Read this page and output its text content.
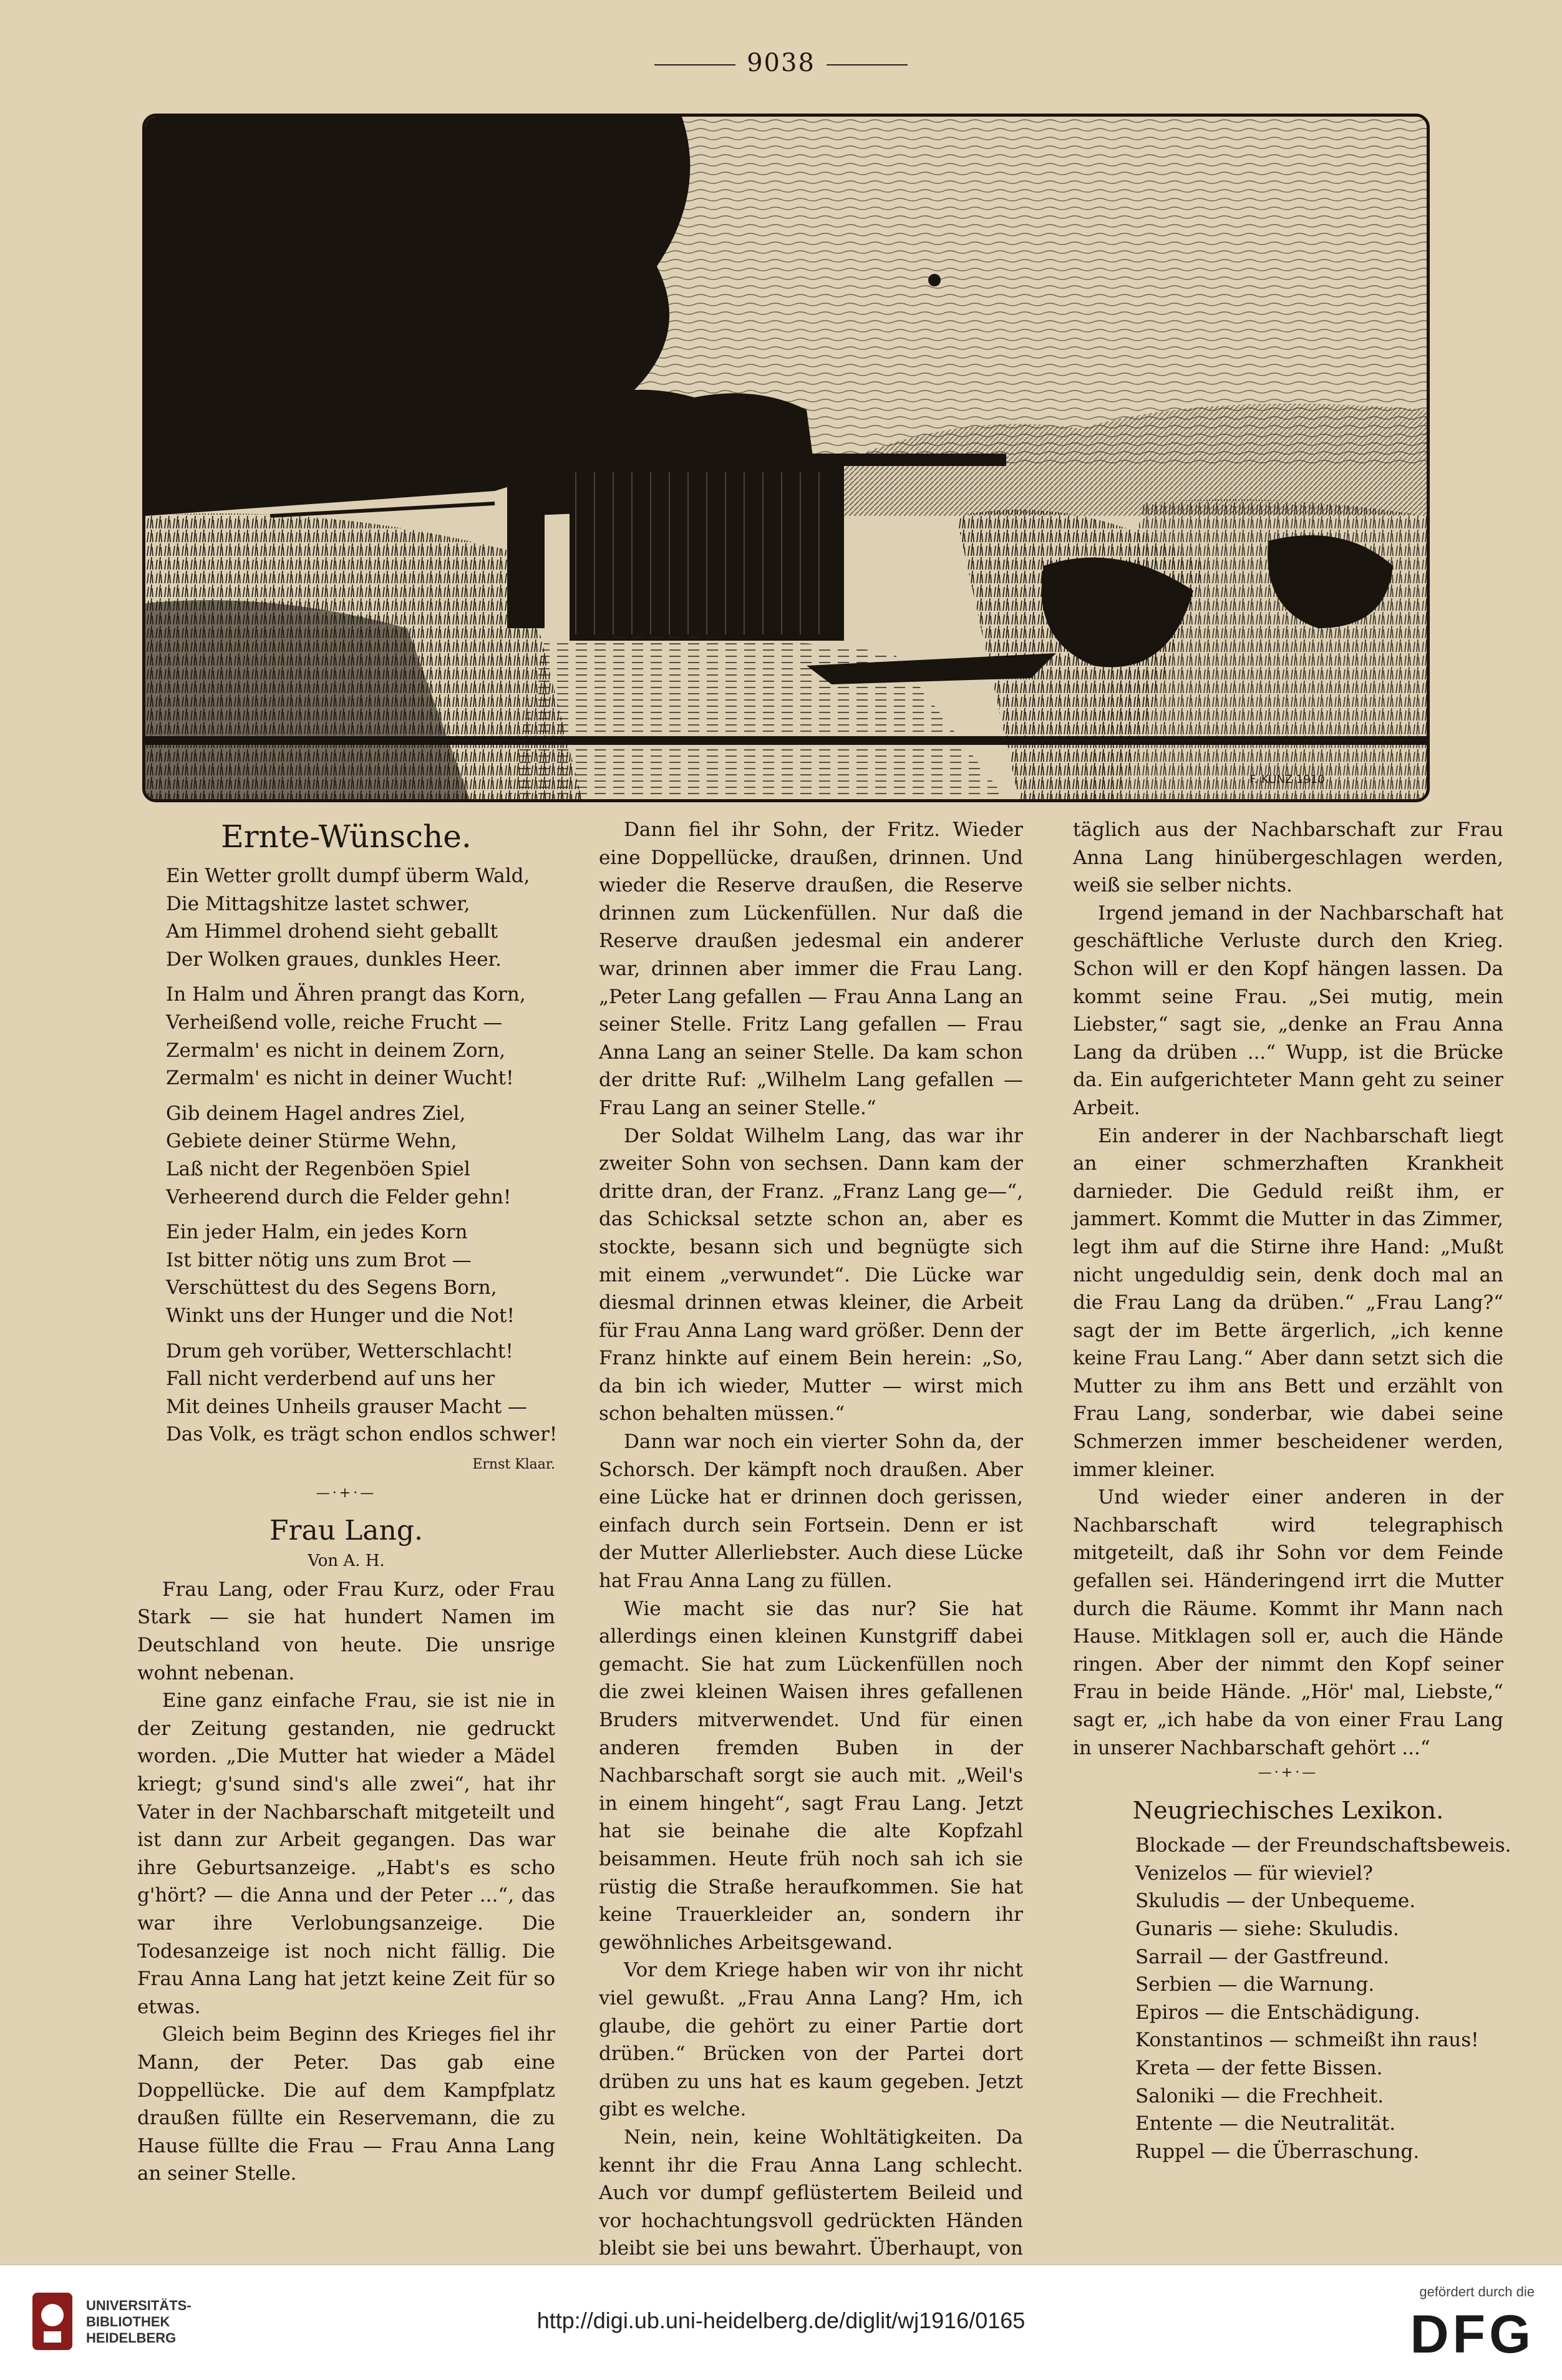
9038
F. KUNZ 1910
Ernte-Wünsche.

Ein Wetter grollt dumpf überm Wald,

Die Mittagshitze lastet schwer,

Am Himmel drohend sieht geballt

Der Wolken graues, dunkles Heer.

In Halm und Ähren prangt das Korn,

Verheißend volle, reiche Frucht —

Zermalm' es nicht in deinem Zorn,

Zermalm' es nicht in deiner Wucht!

Gib deinem Hagel andres Ziel,

Gebiete deiner Stürme Wehn,

Laß nicht der Regenböen Spiel

Verheerend durch die Felder gehn!

Ein jeder Halm, ein jedes Korn

Ist bitter nötig uns zum Brot —

Verschüttest du des Segens Born,

Winkt uns der Hunger und die Not!

Drum geh vorüber, Wetterschlacht!

Fall nicht verderbend auf uns her

Mit deines Unheils grauser Macht —

Das Volk, es trägt schon endlos schwer!

Ernst Klaar.
—·+·—
Frau Lang.
Von A. H.

Frau Lang, oder Frau Kurz, oder Frau Stark — sie hat hundert Namen im Deutschland von heute. Die unsrige wohnt nebenan.

Eine ganz einfache Frau, sie ist nie in der Zeitung gestanden, nie gedruckt worden. „Die Mutter hat wieder a Mädel kriegt; g'sund sind's alle zwei“, hat ihr Vater in der Nachbarschaft mitgeteilt und ist dann zur Arbeit gegangen. Das war ihre Geburtsanzeige. „Habt's es scho g'hört? — die Anna und der Peter ...“, das war ihre Verlobungsanzeige. Die Todesanzeige ist noch nicht fällig. Die Frau Anna Lang hat jetzt keine Zeit für so etwas.

Gleich beim Beginn des Krieges fiel ihr Mann, der Peter. Das gab eine Doppellücke. Die auf dem Kampfplatz draußen füllte ein Reservemann, die zu Hause füllte die Frau — Frau Anna Lang an seiner Stelle.

Dann fiel ihr Sohn, der Fritz. Wieder eine Doppellücke, draußen, drinnen. Und wieder die Reserve draußen, die Reserve drinnen zum Lückenfüllen. Nur daß die Reserve draußen jedesmal ein anderer war, drinnen aber immer die Frau Lang. „Peter Lang gefallen — Frau Anna Lang an seiner Stelle. Fritz Lang gefallen — Frau Anna Lang an seiner Stelle. Da kam schon der dritte Ruf: „Wilhelm Lang gefallen — Frau Lang an seiner Stelle.“

Der Soldat Wilhelm Lang, das war ihr zweiter Sohn von sechsen. Dann kam der dritte dran, der Franz. „Franz Lang ge—“, das Schicksal setzte schon an, aber es stockte, besann sich und begnügte sich mit einem „verwundet“. Die Lücke war diesmal drinnen etwas kleiner, die Arbeit für Frau Anna Lang ward größer. Denn der Franz hinkte auf einem Bein herein: „So, da bin ich wieder, Mutter — wirst mich schon behalten müssen.“

Dann war noch ein vierter Sohn da, der Schorsch. Der kämpft noch draußen. Aber eine Lücke hat er drinnen doch gerissen, einfach durch sein Fortsein. Denn er ist der Mutter Allerliebster. Auch diese Lücke hat Frau Anna Lang zu füllen.

Wie macht sie das nur? Sie hat allerdings einen kleinen Kunstgriff dabei gemacht. Sie hat zum Lückenfüllen noch die zwei kleinen Waisen ihres gefallenen Bruders mitverwendet. Und für einen anderen fremden Buben in der Nachbarschaft sorgt sie auch mit. „Weil's in einem hingeht“, sagt Frau Lang. Jetzt hat sie beinahe die alte Kopfzahl beisammen. Heute früh noch sah ich sie rüstig die Straße heraufkommen. Sie hat keine Trauerkleider an, sondern ihr gewöhnliches Arbeitsgewand.

Vor dem Kriege haben wir von ihr nicht viel gewußt. „Frau Anna Lang? Hm, ich glaube, die gehört zu einer Partie dort drüben.“ Brücken von der Partei dort drüben zu uns hat es kaum gegeben. Jetzt gibt es welche.

Nein, nein, keine Wohltätigkeiten. Da kennt ihr die Frau Anna Lang schlecht. Auch vor dumpf geflüstertem Beileid und vor hochachtungsvoll gedrückten Händen bleibt sie bei uns bewahrt. Überhaupt, von

täglich aus der Nachbarschaft zur Frau Anna Lang hinübergeschlagen werden, weiß sie selber nichts.

Irgend jemand in der Nachbarschaft hat geschäftliche Verluste durch den Krieg. Schon will er den Kopf hängen lassen. Da kommt seine Frau. „Sei mutig, mein Liebster,“ sagt sie, „denke an Frau Anna Lang da drüben ...“ Wupp, ist die Brücke da. Ein aufgerichteter Mann geht zu seiner Arbeit.

Ein anderer in der Nachbarschaft liegt an einer schmerzhaften Krankheit darnieder. Die Geduld reißt ihm, er jammert. Kommt die Mutter in das Zimmer, legt ihm auf die Stirne ihre Hand: „Mußt nicht ungeduldig sein, denk doch mal an die Frau Lang da drüben.“ „Frau Lang?“ sagt der im Bette ärgerlich, „ich kenne keine Frau Lang.“ Aber dann setzt sich die Mutter zu ihm ans Bett und erzählt von Frau Lang, sonderbar, wie dabei seine Schmerzen immer bescheidener werden, immer kleiner.

Und wieder einer anderen in der Nachbarschaft wird telegraphisch mitgeteilt, daß ihr Sohn vor dem Feinde gefallen sei. Händeringend irrt die Mutter durch die Räume. Kommt ihr Mann nach Hause. Mitklagen soll er, auch die Hände ringen. Aber der nimmt den Kopf seiner Frau in beide Hände. „Hör' mal, Liebste,“ sagt er, „ich habe da von einer Frau Lang in unserer Nachbarschaft gehört ...“

—·+·—
Neugriechisches Lexikon.

Blockade — der Freundschaftsbeweis.

Venizelos — für wieviel?

Skuludis — der Unbequeme.

Gunaris — siehe: Skuludis.

Sarrail — der Gastfreund.

Serbien — die Warnung.

Epiros — die Entschädigung.

Konstantinos — schmeißt ihn raus!

Kreta — der fette Bissen.

Saloniki — die Frechheit.

Entente — die Neutralität.

Ruppel — die Überraschung.

UNIVERSITÄTS-
BIBLIOTHEK
HEIDELBERG
http://digi.ub.uni-heidelberg.de/diglit/wj1916/0165
gefördert durch die
DFG
